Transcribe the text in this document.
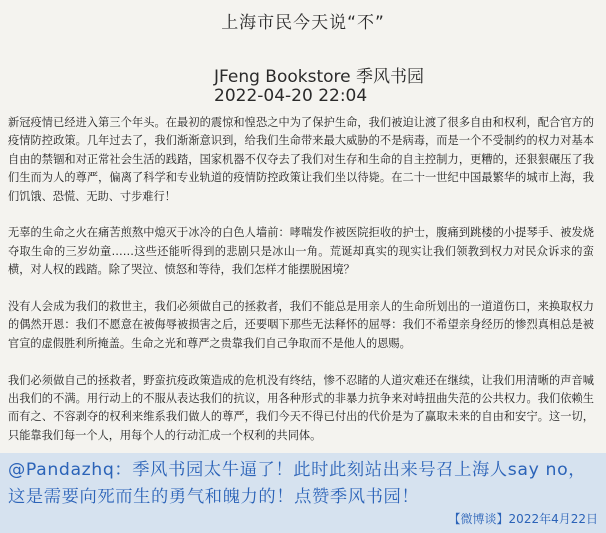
上海市民今天说“不”
JFeng Bookstore 季风书园
2022-04-20 22:04

新冠疫情已经进入第三个年头。在最初的震惊和惶恐之中为了保护生命，我们被迫让渡了很多自由和权利，配合官方的疫情防控政策。几年过去了，我们渐渐意识到，给我们生命带来最大威胁的不是病毒，而是一个不受制约的权力对基本自由的禁锢和对正常社会生活的践踏，国家机器不仅夺去了我们对生存和生命的自主控制力，更糟的，还狠狠碾压了我们生而为人的尊严，偏离了科学和专业轨道的疫情防控政策让我们坐以待毙。在二十一世纪中国最繁华的城市上海，我们饥饿、恐慌、无助、寸步难行！

无辜的生命之火在痛苦煎熬中熄灭于冰冷的白色人墙前：哮喘发作被医院拒收的护士，腹痛到跳楼的小提琴手、被发烧夺取生命的三岁幼童……这些还能听得到的悲剧只是冰山一角。荒诞却真实的现实让我们领教到权力对民众诉求的蛮横，对人权的践踏。除了哭泣、愤怒和等待，我们怎样才能摆脱困境？

没有人会成为我们的救世主，我们必须做自己的拯救者，我们不能总是用亲人的生命所划出的一道道伤口，来换取权力的偶然开恩：我们不愿意在被侮辱被损害之后，还要咽下那些无法释怀的屈辱：我们不希望亲身经历的惨烈真相总是被官宣的虚假胜利所掩盖。生命之光和尊严之贵靠我们自己争取而不是他人的恩赐。

我们必须做自己的拯救者，野蛮抗疫政策造成的危机没有终结，惨不忍睹的人道灾难还在继续，让我们用清晰的声音喊出我们的不满。用行动上的不服从表达我们的抗议，用各种形式的非暴力抗争来对峙扭曲失范的公共权力。我们依赖生而有之、不容剥夺的权利来维系我们做人的尊严，我们今天不得已付出的代价是为了赢取未来的自由和安宁。这一切，只能靠我们每一个人，用每个人的行动汇成一个权利的共同体。

@Pandazhq：季风书园太牛逼了！此时此刻站出来号召上海人say no，这是需要向死而生的勇气和魄力的！点赞季风书园！
【微博谈】2022年4月22日
